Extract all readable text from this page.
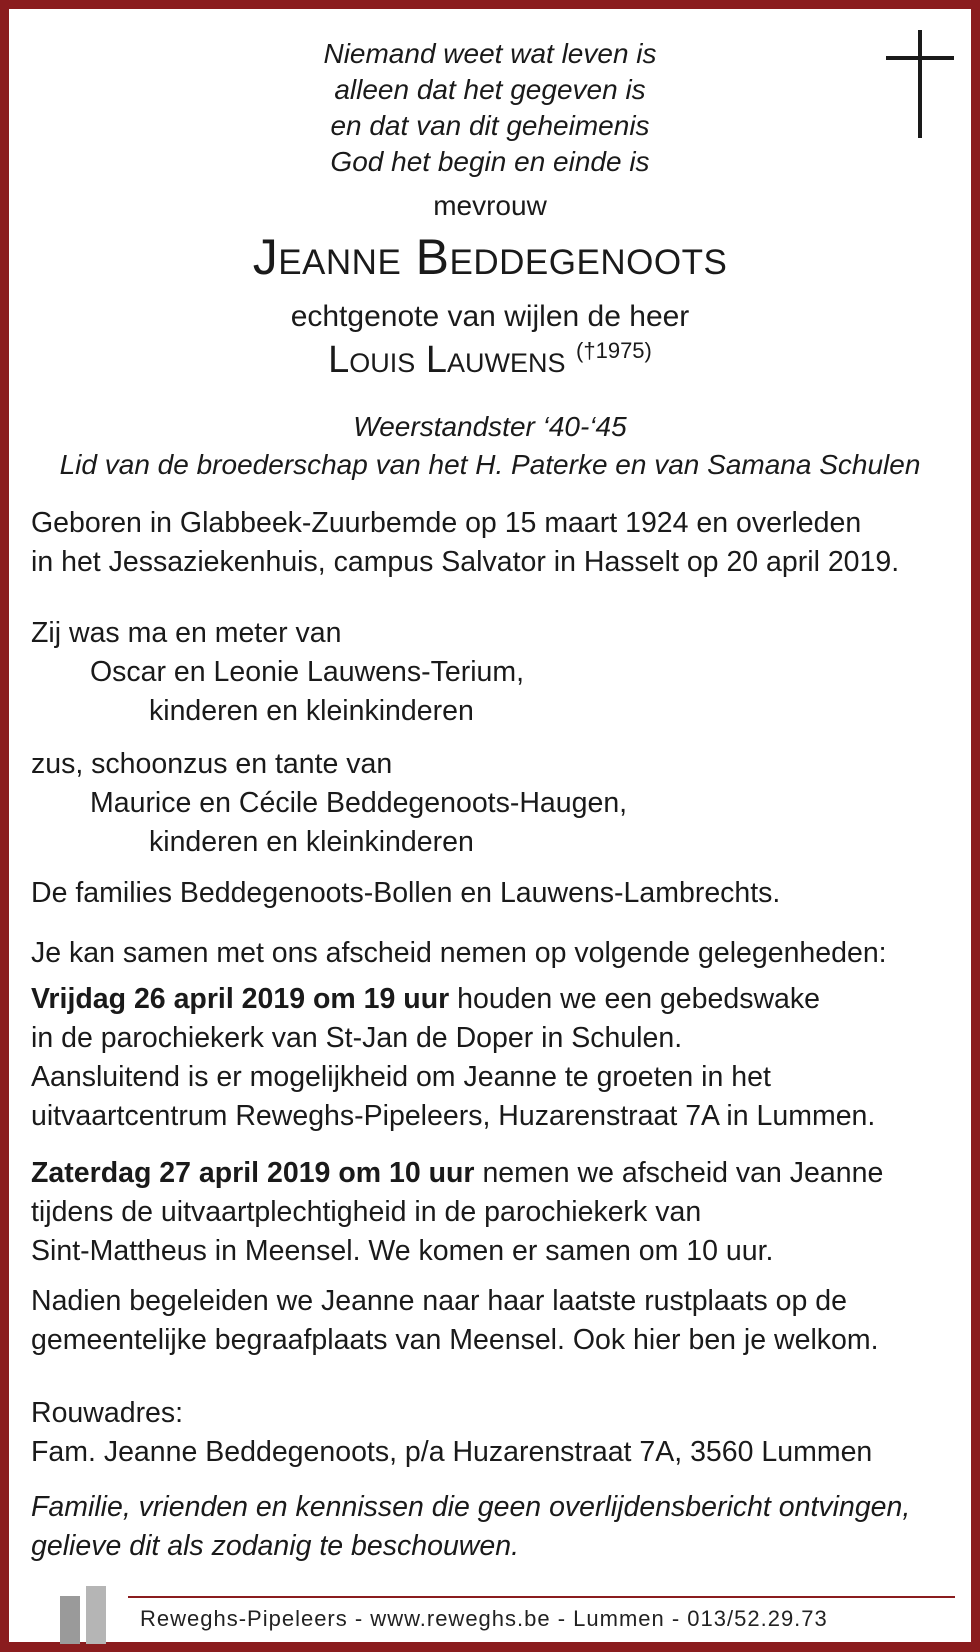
Niemand weet wat leven is
alleen dat het gegeven is
en dat van dit geheimenis
God het begin en einde is
mevrouw
Jeanne Beddegenoots
echtgenote van wijlen de heer
Louis Lauwens $^{(\dagger 1975)}$
Weerstandster ‘40-‘45
Lid van de broederschap van het H. Paterke en van Samana Schulen
Geboren in Glabbeek-Zuurbemde op 15 maart 1924 en overleden
in het Jessaziekenhuis, campus Salvator in Hasselt op 20 april 2019.
Zij was ma en meter van
Oscar en Leonie Lauwens-Terium,
kinderen en kleinkinderen
zus, schoonzus en tante van
Maurice en Cécile Beddegenoots-Haugen,
kinderen en kleinkinderen
De families Beddegenoots-Bollen en Lauwens-Lambrechts.
Je kan samen met ons afscheid nemen op volgende gelegenheden:
Vrijdag 26 april 2019 om 19 uur houden we een gebedswake
in de parochiekerk van St-Jan de Doper in Schulen.
Aansluitend is er mogelijkheid om Jeanne te groeten in het
uitvaartcentrum Reweghs-Pipeleers, Huzarenstraat 7A in Lummen.
Zaterdag 27 april 2019 om 10 uur nemen we afscheid van Jeanne
tijdens de uitvaartplechtigheid in de parochiekerk van
Sint-Mattheus in Meensel. We komen er samen om 10 uur.
Nadien begeleiden we Jeanne naar haar laatste rustplaats op de
gemeentelijke begraafplaats van Meensel. Ook hier ben je welkom.
Rouwadres:
Fam. Jeanne Beddegenoots, p/a Huzarenstraat 7A, 3560 Lummen
Familie, vrienden en kennissen die geen overlijdensbericht ontvingen,
gelieve dit als zodanig te beschouwen.
Reweghs-Pipeleers - www.reweghs.be - Lummen - 013/52.29.73
